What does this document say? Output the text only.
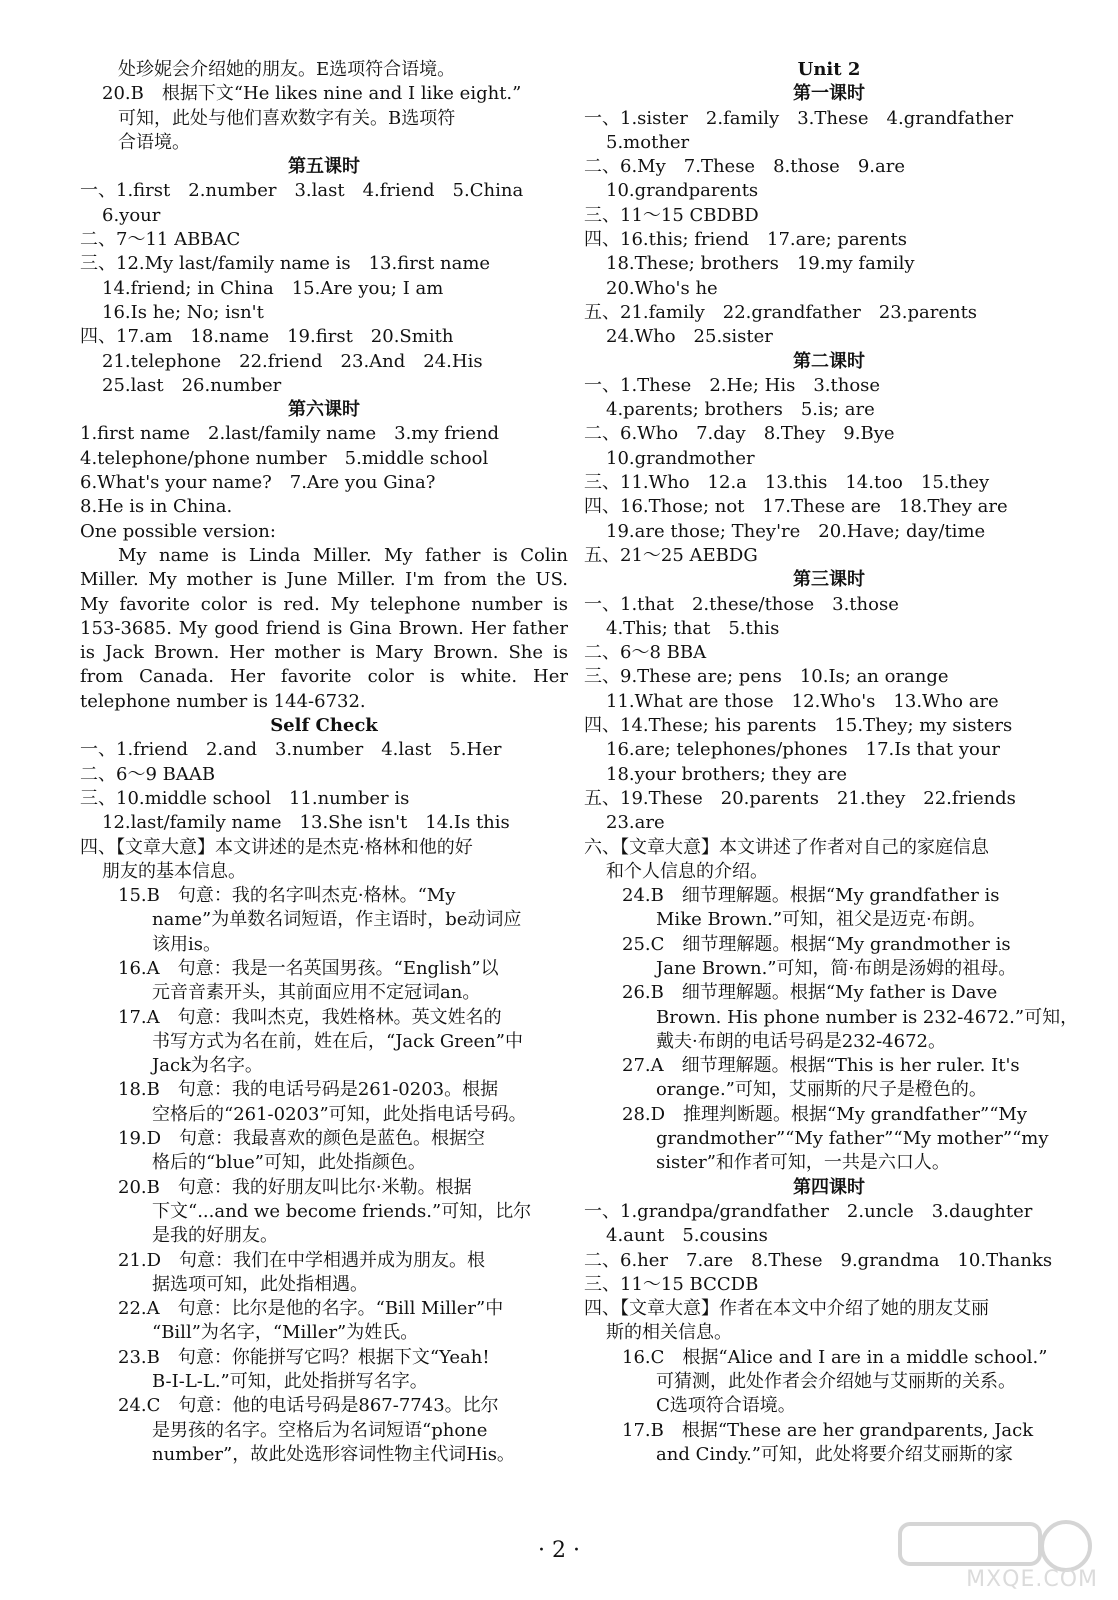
处珍妮会介绍她的朋友。E选项符合语境。
20.B　根据下文“He likes nine and I like eight.”
可知，此处与他们喜欢数字有关。B选项符
合语境。
第五课时
一、1.first　2.number　3.last　4.friend　5.China
6.your
二、7～11 ABBAC
三、12.My last/family name is　13.first name
14.friend; in China　15.Are you; I am
16.Is he; No; isn't
四、17.am　18.name　19.first　20.Smith
21.telephone　22.friend　23.And　24.His
25.last　26.number
第六课时
1.first name　2.last/family name　3.my friend
4.telephone/phone number　5.middle school
6.What's your name?　7.Are you Gina?
8.He is in China.
One possible version:
My name is Linda Miller. My father is Colin
Miller. My mother is June Miller. I'm from the US.
My favorite color is red. My telephone number is
153-3685. My good friend is Gina Brown. Her father
is Jack Brown. Her mother is Mary Brown. She is
from Canada. Her favorite color is white. Her
telephone number is 144-6732.
Self Check
一、1.friend　2.and　3.number　4.last　5.Her
二、6～9 BAAB
三、10.middle school　11.number is
12.last/family name　13.She isn't　14.Is this
四、【文章大意】本文讲述的是杰克·格林和他的好
朋友的基本信息。
15.B　句意：我的名字叫杰克·格林。“My
name”为单数名词短语，作主语时，be动词应
该用is。
16.A　句意：我是一名英国男孩。“English”以
元音音素开头，其前面应用不定冠词an。
17.A　句意：我叫杰克，我姓格林。英文姓名的
书写方式为名在前，姓在后，“Jack Green”中
Jack为名字。
18.B　句意：我的电话号码是261-0203。根据
空格后的“261-0203”可知，此处指电话号码。
19.D　句意：我最喜欢的颜色是蓝色。根据空
格后的“blue”可知，此处指颜色。
20.B　句意：我的好朋友叫比尔·米勒。根据
下文“...and we become friends.”可知，比尔
是我的好朋友。
21.D　句意：我们在中学相遇并成为朋友。根
据选项可知，此处指相遇。
22.A　句意：比尔是他的名字。“Bill Miller”中
“Bill”为名字，“Miller”为姓氏。
23.B　句意：你能拼写它吗？根据下文“Yeah!
B-I-L-L.”可知，此处指拼写名字。
24.C　句意：他的电话号码是867-7743。比尔
是男孩的名字。空格后为名词短语“phone
number”，故此处选形容词性物主代词His。
Unit 2
第一课时
一、1.sister　2.family　3.These　4.grandfather
5.mother
二、6.My　7.These　8.those　9.are
10.grandparents
三、11～15 CBDBD
四、16.this; friend　17.are; parents
18.These; brothers　19.my family
20.Who's he
五、21.family　22.grandfather　23.parents
24.Who　25.sister
第二课时
一、1.These　2.He; His　3.those
4.parents; brothers　5.is; are
二、6.Who　7.day　8.They　9.Bye
10.grandmother
三、11.Who　12.a　13.this　14.too　15.they
四、16.Those; not　17.These are　18.They are
19.are those; They're　20.Have; day/time
五、21～25 AEBDG
第三课时
一、1.that　2.these/those　3.those
4.This; that　5.this
二、6～8 BBA
三、9.These are; pens　10.Is; an orange
11.What are those　12.Who's　13.Who are
四、14.These; his parents　15.They; my sisters
16.are; telephones/phones　17.Is that your
18.your brothers; they are
五、19.These　20.parents　21.they　22.friends
23.are
六、【文章大意】本文讲述了作者对自己的家庭信息
和个人信息的介绍。
24.B　细节理解题。根据“My grandfather is
Mike Brown.”可知，祖父是迈克·布朗。
25.C　细节理解题。根据“My grandmother is
Jane Brown.”可知，简·布朗是汤姆的祖母。
26.B　细节理解题。根据“My father is Dave
Brown. His phone number is 232-4672.”可知，
戴夫·布朗的电话号码是232-4672。
27.A　细节理解题。根据“This is her ruler. It's
orange.”可知，艾丽斯的尺子是橙色的。
28.D　推理判断题。根据“My grandfather”“My
grandmother”“My father”“My mother”“my
sister”和作者可知，一共是六口人。
第四课时
一、1.grandpa/grandfather　2.uncle　3.daughter
4.aunt　5.cousins
二、6.her　7.are　8.These　9.grandma　10.Thanks
三、11～15 BCCDB
四、【文章大意】作者在本文中介绍了她的朋友艾丽
斯的相关信息。
16.C　根据“Alice and I are in a middle school.”
可猜测，此处作者会介绍她与艾丽斯的关系。
C选项符合语境。
17.B　根据“These are her grandparents, Jack
and Cindy.”可知，此处将要介绍艾丽斯的家
· 2 ·
MXQE.COM
